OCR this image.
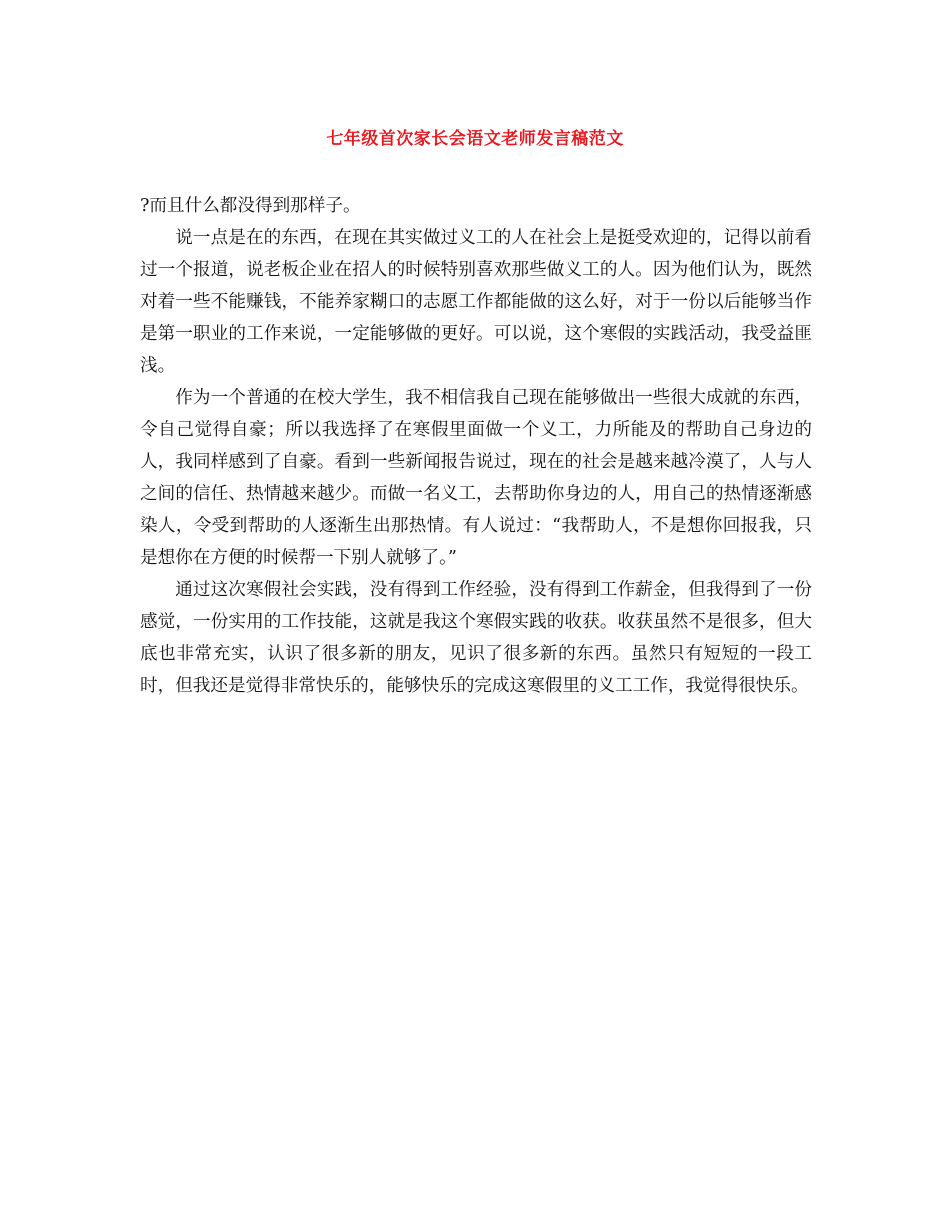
七年级首次家长会语文老师发言稿范文

?而且什么都没得到那样子。

说一点是在的东西，在现在其实做过义工的人在社会上是挺受欢迎的，记得以前看过一个报道，说老板企业在招人的时候特别喜欢那些做义工的人。因为他们认为，既然对着一些不能赚钱，不能养家糊口的志愿工作都能做的这么好，对于一份以后能够当作是第一职业的工作来说，一定能够做的更好。可以说，这个寒假的实践活动，我受益匪浅。

作为一个普通的在校大学生，我不相信我自己现在能够做出一些很大成就的东西，令自己觉得自豪；所以我选择了在寒假里面做一个义工，力所能及的帮助自己身边的人，我同样感到了自豪。看到一些新闻报告说过，现在的社会是越来越冷漠了，人与人之间的信任、热情越来越少。而做一名义工，去帮助你身边的人，用自己的热情逐渐感染人，令受到帮助的人逐渐生出那热情。有人说过：“我帮助人，不是想你回报我，只是想你在方便的时候帮一下别人就够了。”

通过这次寒假社会实践，没有得到工作经验，没有得到工作薪金，但我得到了一份感觉，一份实用的工作技能，这就是我这个寒假实践的收获。收获虽然不是很多，但大底也非常充实，认识了很多新的朋友，见识了很多新的东西。虽然只有短短的一段工时，但我还是觉得非常快乐的，能够快乐的完成这寒假里的义工工作，我觉得很快乐。
